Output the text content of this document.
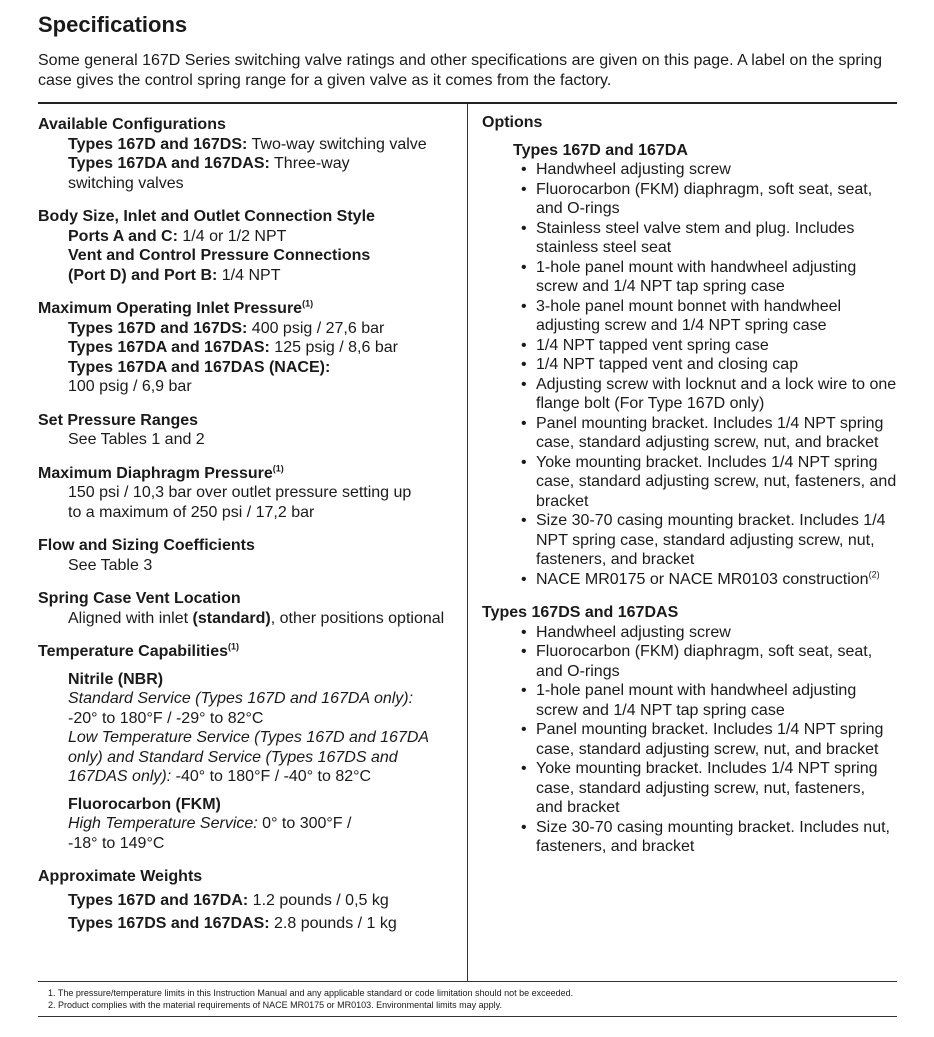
Specifications

Some general 167D Series switching valve ratings and other specifications are given on this page. A label on the spring case gives the control spring range for a given valve as it comes from the factory.

Available Configurations
Types 167D and 167DS: Two-way switching valve
Types 167DA and 167DAS: Three-way
switching valves
Body Size, Inlet and Outlet Connection Style
Ports A and C: 1/4 or 1/2 NPT
Vent and Control Pressure Connections
(Port D) and Port B: 1/4 NPT
Maximum Operating Inlet Pressure$^{(1)}$
Types 167D and 167DS: 400 psig / 27,6 bar
Types 167DA and 167DAS: 125 psig / 8,6 bar
Types 167DA and 167DAS (NACE):
100 psig / 6,9 bar
Set Pressure Ranges
See Tables 1 and 2
Maximum Diaphragm Pressure$^{(1)}$
150 psi / 10,3 bar over outlet pressure setting up
to a maximum of 250 psi / 17,2 bar
Flow and Sizing Coefficients
See Table 3
Spring Case Vent Location
Aligned with inlet (standard), other positions optional
Temperature Capabilities$^{(1)}$
Nitrile (NBR)
Standard Service (Types 167D and 167DA only):
-20° to 180°F / -29° to 82°C
Low Temperature Service (Types 167D and 167DA only) and Standard Service (Types 167DS and 167DAS only): -40° to 180°F / -40° to 82°C
Fluorocarbon (FKM)
High Temperature Service: 0° to 300°F /
-18° to 149°C
Approximate Weights
Types 167D and 167DA: 1.2 pounds / 0,5 kg
Types 167DS and 167DAS: 2.8 pounds / 1 kg
Options
Types 167D and 167DA
• Handwheel adjusting screw
• Fluorocarbon (FKM) diaphragm, soft seat, seat, and O-rings
• Stainless steel valve stem and plug. Includes stainless steel seat
• 1-hole panel mount with handwheel adjusting screw and 1/4 NPT tap spring case
• 3-hole panel mount bonnet with handwheel adjusting screw and 1/4 NPT spring case
• 1/4 NPT tapped vent spring case
• 1/4 NPT tapped vent and closing cap
• Adjusting screw with locknut and a lock wire to one flange bolt (For Type 167D only)
• Panel mounting bracket. Includes 1/4 NPT spring case, standard adjusting screw, nut, and bracket
• Yoke mounting bracket. Includes 1/4 NPT spring case, standard adjusting screw, nut, fasteners, and bracket
• Size 30-70 casing mounting bracket. Includes 1/4 NPT spring case, standard adjusting screw, nut, fasteners, and bracket
• NACE MR0175 or NACE MR0103 construction$^{(2)}$
Types 167DS and 167DAS
• Handwheel adjusting screw
• Fluorocarbon (FKM) diaphragm, soft seat, seat, and O-rings
• 1-hole panel mount with handwheel adjusting screw and 1/4 NPT tap spring case
• Panel mounting bracket. Includes 1/4 NPT spring case, standard adjusting screw, nut, and bracket
• Yoke mounting bracket. Includes 1/4 NPT spring case, standard adjusting screw, nut, fasteners,
and bracket
• Size 30-70 casing mounting bracket. Includes nut, fasteners, and bracket
1. The pressure/temperature limits in this Instruction Manual and any applicable standard or code limitation should not be exceeded.
2. Product complies with the material requirements of NACE MR0175 or MR0103. Environmental limits may apply.
